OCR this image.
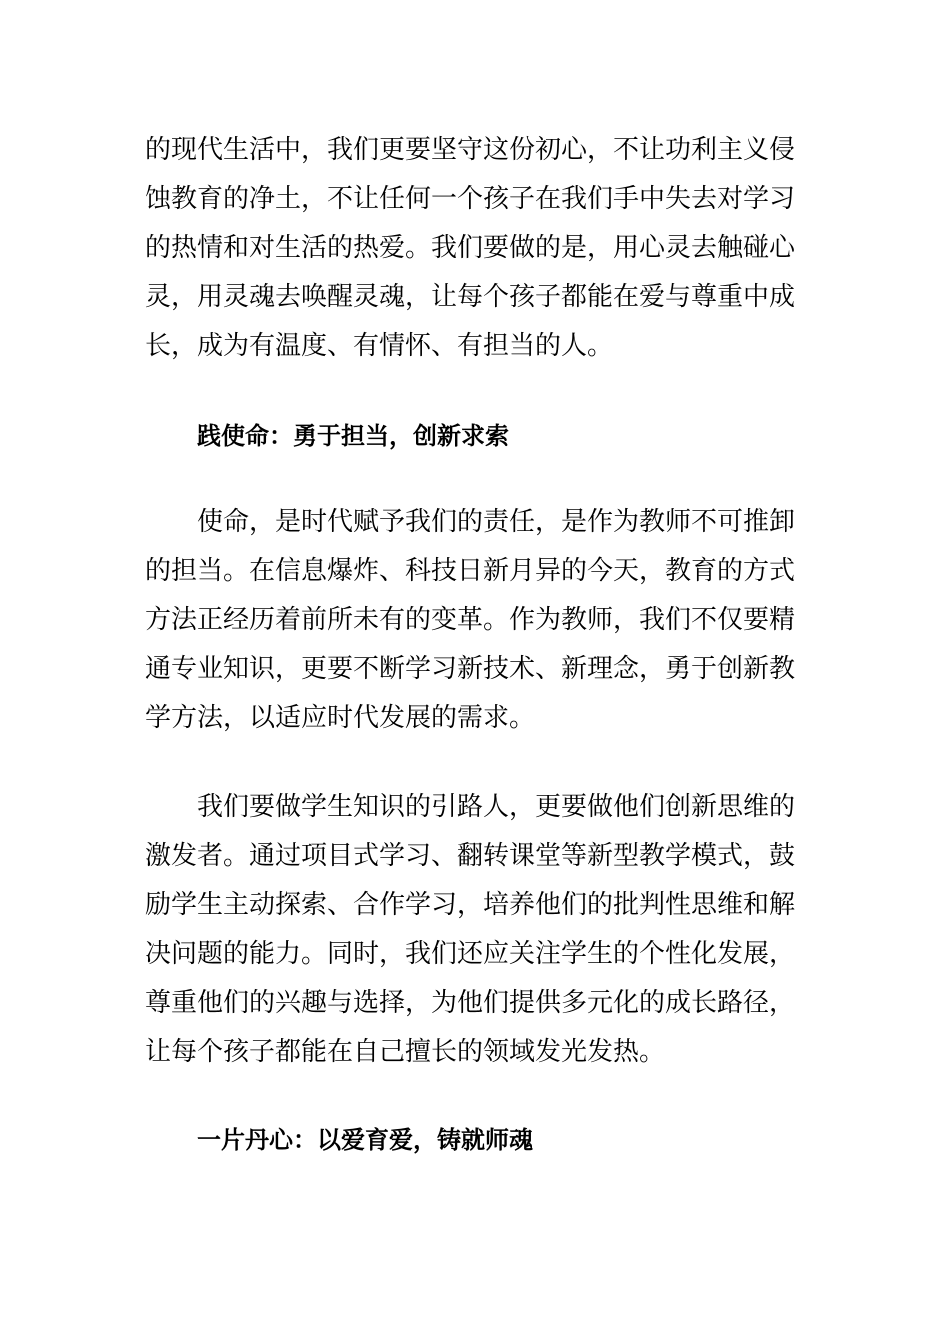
的现代生活中，我们更要坚守这份初心，不让功利主义侵蚀教育的净土，不让任何一个孩子在我们手中失去对学习的热情和对生活的热爱。我们要做的是，用心灵去触碰心灵，用灵魂去唤醒灵魂，让每个孩子都能在爱与尊重中成长，成为有温度、有情怀、有担当的人。

践使命：勇于担当，创新求索

使命，是时代赋予我们的责任，是作为教师不可推卸的担当。在信息爆炸、科技日新月异的今天，教育的方式方法正经历着前所未有的变革。作为教师，我们不仅要精通专业知识，更要不断学习新技术、新理念，勇于创新教学方法，以适应时代发展的需求。

我们要做学生知识的引路人，更要做他们创新思维的激发者。通过项目式学习、翻转课堂等新型教学模式，鼓励学生主动探索、合作学习，培养他们的批判性思维和解决问题的能力。同时，我们还应关注学生的个性化发展，尊重他们的兴趣与选择，为他们提供多元化的成长路径，让每个孩子都能在自己擅长的领域发光发热。

一片丹心：以爱育爱，铸就师魂
